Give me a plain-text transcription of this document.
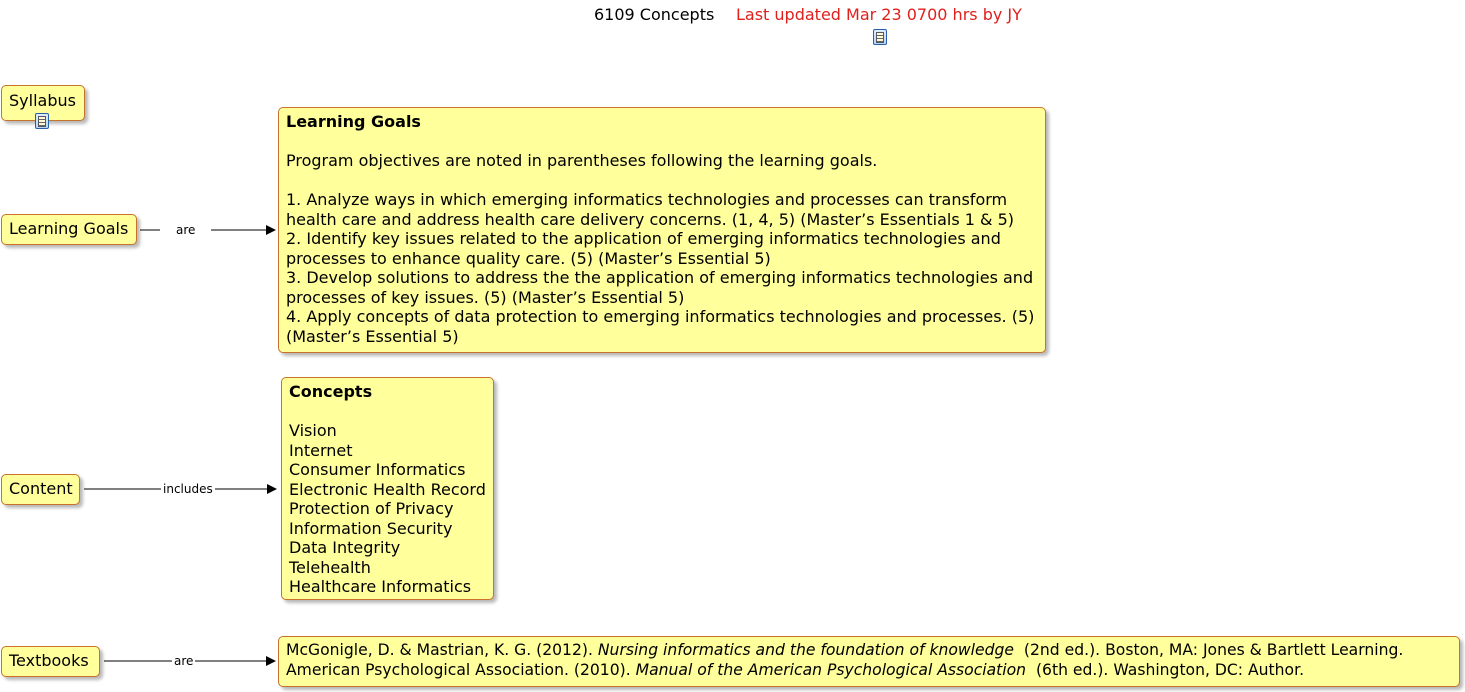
6109 Concepts Last updated Mar 23 0700 hrs by JY
are
includes
are
Syllabus
Learning Goals
Content
Textbooks
Learning Goals
Program objectives are noted in parentheses following the learning goals.
1. Analyze ways in which emerging informatics technologies and processes can transform
health care and address health care delivery concerns. (1, 4, 5) (Master’s Essentials 1 & 5)
2. Identify key issues related to the application of emerging informatics technologies and
processes to enhance quality care. (5) (Master’s Essential 5)
3. Develop solutions to address the the application of emerging informatics technologies and
processes of key issues. (5) (Master’s Essential 5)
4. Apply concepts of data protection to emerging informatics technologies and processes. (5)
(Master’s Essential 5)
Concepts
Vision
Internet
Consumer Informatics
Electronic Health Record
Protection of Privacy
Information Security
Data Integrity
Telehealth
Healthcare Informatics
McGonigle, D. & Mastrian, K. G. (2012). Nursing informatics and the foundation of knowledge  (2nd ed.). Boston, MA: Jones & Bartlett Learning.
American Psychological Association. (2010). Manual of the American Psychological Association  (6th ed.). Washington, DC: Author.
